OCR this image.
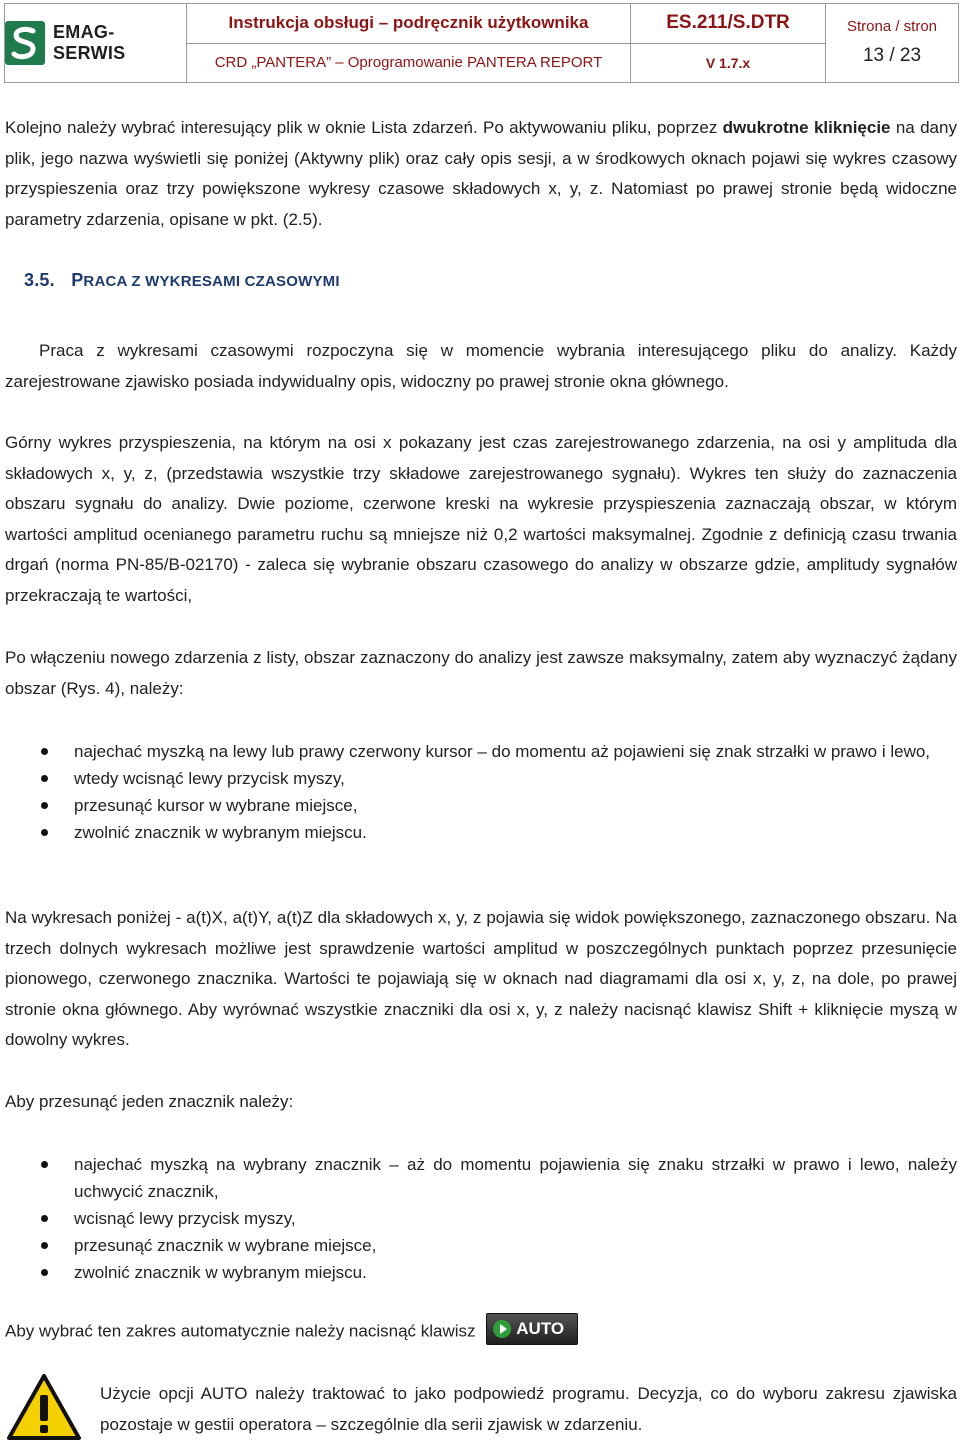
EMAG-SERWIS
Instrukcja obsługi – podręcznik użytkownika
CRD „PANTERA” – Oprogramowanie PANTERA REPORT
ES.211/S.DTR
V 1.7.x
Strona / stron
13 / 23
Kolejno należy wybrać interesujący plik w oknie Lista zdarzeń. Po aktywowaniu pliku, poprzez dwukrotne kliknięcie na dany plik, jego nazwa wyświetli się poniżej (Aktywny plik) oraz cały opis sesji, a w środkowych oknach pojawi się wykres czasowy przyspieszenia oraz trzy powiększone wykresy czasowe składowych x, y, z. Natomiast po prawej stronie będą widoczne parametry zdarzenia, opisane w pkt. (2.5).
3.5. PRACA Z WYKRESAMI CZASOWYMI
Praca z wykresami czasowymi rozpoczyna się w momencie wybrania interesującego pliku do analizy. Każdy zarejestrowane zjawisko posiada indywidualny opis, widoczny po prawej stronie okna głównego.
Górny wykres przyspieszenia, na którym na osi x pokazany jest czas zarejestrowanego zdarzenia, na osi y amplituda dla składowych x, y, z, (przedstawia wszystkie trzy składowe zarejestrowanego sygnału). Wykres ten służy do zaznaczenia obszaru sygnału do analizy. Dwie poziome, czerwone kreski na wykresie przyspieszenia zaznaczają obszar, w którym wartości amplitud ocenianego parametru ruchu są mniejsze niż 0,2 wartości maksymalnej. Zgodnie z definicją czasu trwania drgań (norma PN-85/B-02170) - zaleca się wybranie obszaru czasowego do analizy w obszarze gdzie, amplitudy sygnałów przekraczają te wartości,
Po włączeniu nowego zdarzenia z listy, obszar zaznaczony do analizy jest zawsze maksymalny, zatem aby wyznaczyć żądany obszar (Rys. 4), należy:
najechać myszką na lewy lub prawy czerwony kursor – do momentu aż pojawieni się znak strzałki w prawo i lewo,
wtedy wcisnąć lewy przycisk myszy,
przesunąć kursor w wybrane miejsce,
zwolnić znacznik w wybranym miejscu.
Na wykresach poniżej - a(t)X, a(t)Y, a(t)Z dla składowych x, y, z pojawia się widok powiększonego, zaznaczonego obszaru. Na trzech dolnych wykresach możliwe jest sprawdzenie wartości amplitud w poszczególnych punktach poprzez przesunięcie pionowego, czerwonego znacznika. Wartości te pojawiają się w oknach nad diagramami dla osi x, y, z, na dole, po prawej stronie okna głównego. Aby wyrównać wszystkie znaczniki dla osi x, y, z należy nacisnąć klawisz Shift + kliknięcie myszą w dowolny wykres.
Aby przesunąć jeden znacznik należy:
najechać myszką na wybrany znacznik – aż do momentu pojawienia się znaku strzałki w prawo i lewo, należy uchwycić znacznik,
wcisnąć lewy przycisk myszy,
przesunąć znacznik w wybrane miejsce,
zwolnić znacznik w wybranym miejscu.
Aby wybrać ten zakres automatycznie należy nacisnąć klawisz AUTO
Użycie opcji AUTO należy traktować to jako podpowiedź programu. Decyzja, co do wyboru zakresu zjawiska pozostaje w gestii operatora – szczególnie dla serii zjawisk w zdarzeniu.
